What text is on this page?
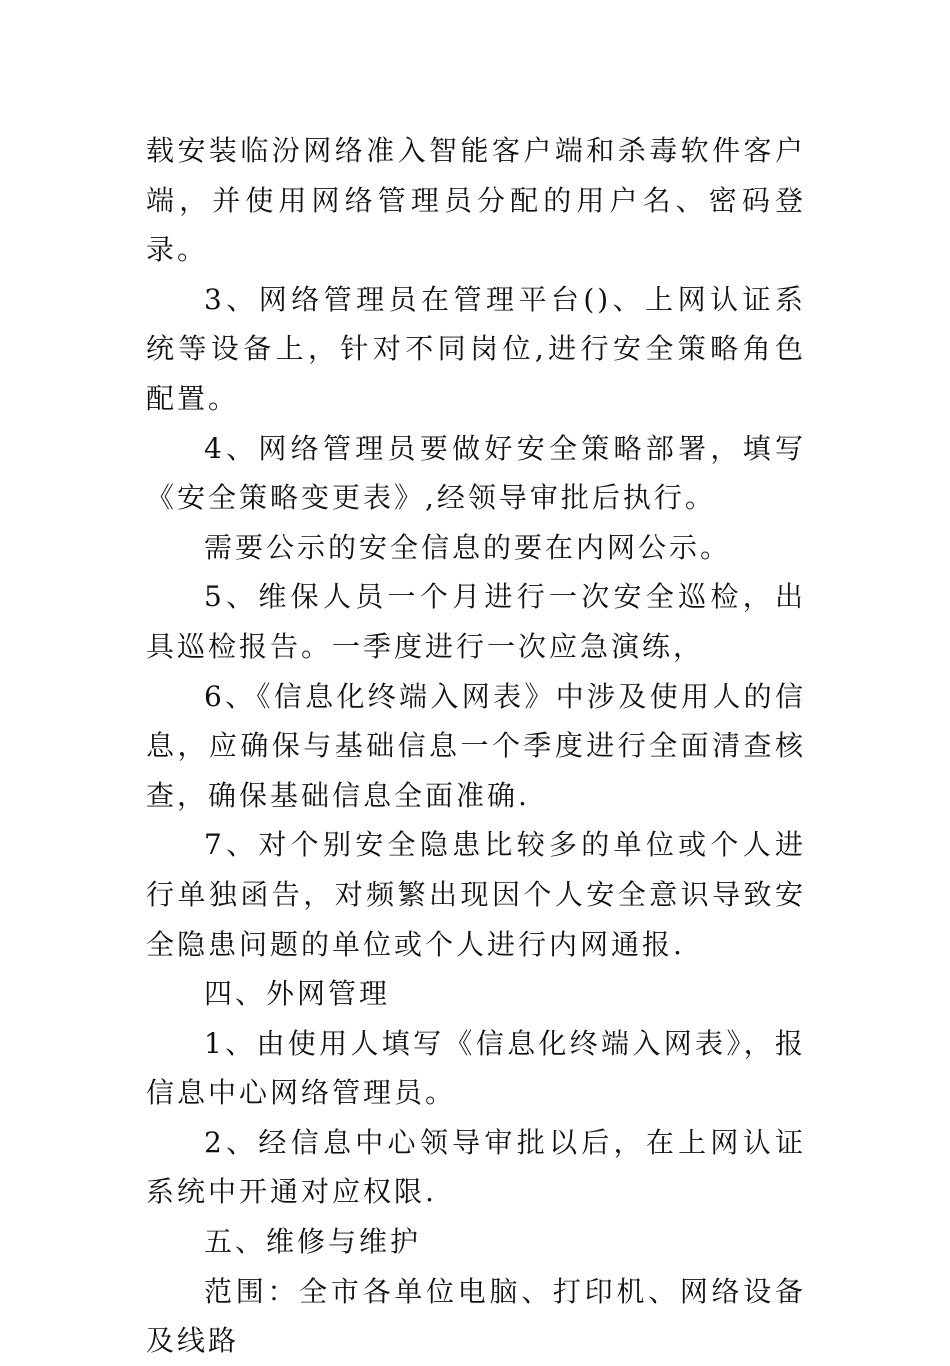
载安装临汾网络准入智能客户端和杀毒软件客户端，并使用网络管理员分配的用户名、密码登录。

3、网络管理员在管理平台()、上网认证系统等设备上，针对不同岗位,进行安全策略角色配置。

4、网络管理员要做好安全策略部署，填写《安全策略变更表》,经领导审批后执行。

需要公示的安全信息的要在内网公示。

5、维保人员一个月进行一次安全巡检，出具巡检报告。一季度进行一次应急演练，

6、《信息化终端入网表》中涉及使用人的信息，应确保与基础信息一个季度进行全面清查核查，确保基础信息全面准确.

7、对个别安全隐患比较多的单位或个人进行单独函告，对频繁出现因个人安全意识导致安全隐患问题的单位或个人进行内网通报.

四、外网管理

1、由使用人填写《信息化终端入网表》，报信息中心网络管理员。

2、经信息中心领导审批以后，在上网认证系统中开通对应权限.

五、维修与维护

范围：全市各单位电脑、打印机、网络设备及线路
